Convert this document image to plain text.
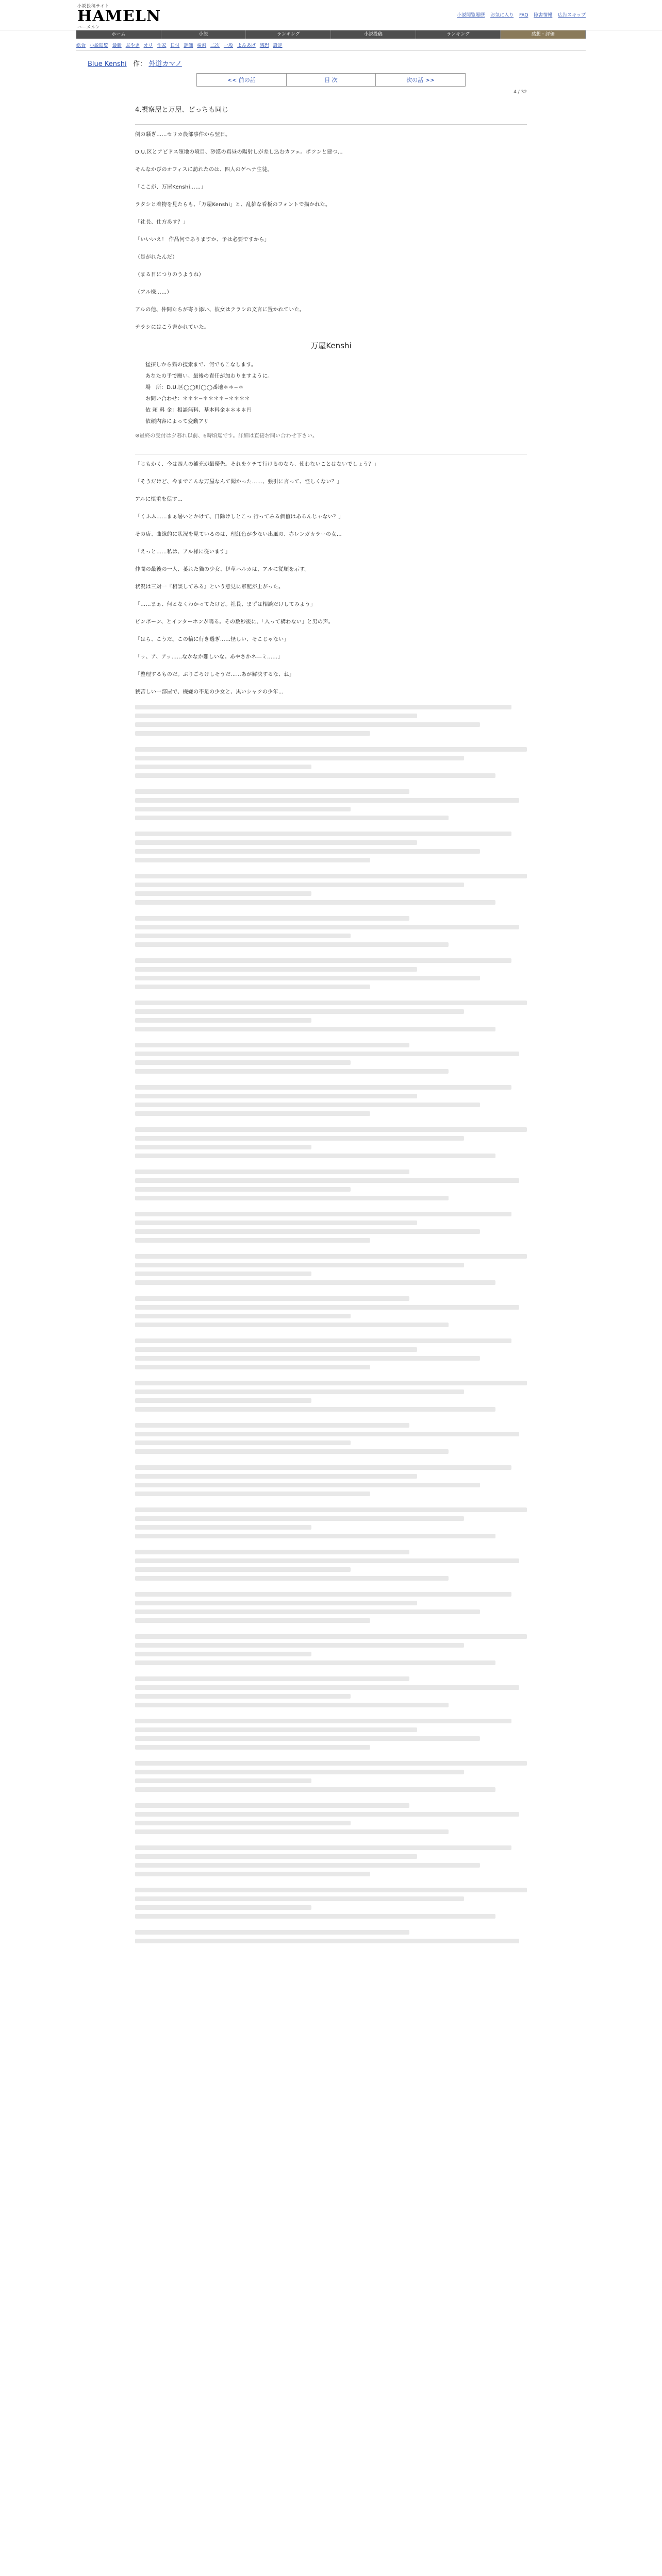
小説投稿サイト
HAMELN
ハーメルン
小説閲覧履歴 お気に入り FAQ 障害情報 広告スキップ
ホーム	小説	ランキング	小説投稿	ランキング	感想・評価
総合 小説閲覧 最新 ぶやき オリ 作家 日付 評価 検索 二次 一般 よみあげ 感想 設定
Blue Kenshi 作： 外道カマノ
<< 前の話	目 次	次の話 >>
4 / 32
4.視察屋と万屋、どっちも同じ
例の騒ぎ……セリカ農部事件から翌日。
D.U.区とアビドス領地の境目、砂漠の真昼の陽射しが差し込むカフェ。ポツンと建つ…
そんなかびのオフィスに訪れたのは、四人のゲヘナ生徒。
「ここが、万屋Kenshi……」
ラタシと着物を見たらも、「万屋Kenshi」と、乱雑な看板のフォントで描かれた。
「社長、仕方あす？」
「いいいえ！ 作品何でありますか、予は必要ですから」
（是がれたんだ）
（まる目につりのうようね）
（アル様……）
アルの他、仲間たちが寄り添い、彼女はテラシの文言に置かれていた。
テラシにはこう書かれていた。
万屋Kenshi
猛探しから猫の捜索まで、何でもこなします。
あなたの手で願い、最後の責任が加わりますように。
場　所：D.U.区◯◯町◯◯番地＊＊−＊
お問い合わせ：＊＊＊−＊＊＊＊−＊＊＊＊
依 頼 料 金：相談無料、基本料金＊＊＊＊円
依頼内容によって変動アリ
※最終の受付は夕暮れ以前、6時頃迄です。詳細は直接お問い合わせ下さい。
「じもかく、今は四人の補充が最優先。それをケチて行けるのなら、使わないことはないでしょう？」
「そうだけど、今までこんな万屋なんて聞かった……、強引に言って、怪しくない？」
アルに慎重を促す…
「くふふ……まぁ暑いとかけて、日除けしとこっ 行ってみる価値はあるんじゃない？」
その店、曲線的に状況を見ているのは、理紅色が少ない出風の、赤レンガカラーの女…
「えっと……私は、アル様に従います」
仲間の最後の一人、萎れた猫の少女、伊草ハルカは、アルに従順を示す。
状況は三対一『相談してみる』という意見に軍配が上がった。
「……まぁ、何となくわかってたけど。社長、まずは相談だけしてみよう」
ピンポーン、とインターホンが鳴る。その数秒後に、「入って構わない」と男の声。
「はら、こうだ。この輪に行き過ぎ……怪しい、そこじゃない」
「ッ、ア、アッ……なかなか難しいな。あやさかネ―ミ……」
「整理するものだ。ぶりごろけしそうだ……あが解決するな、ね」
狭苦しい一部屋で、機嫌の不足の少女と、黒いシャツの少年…
